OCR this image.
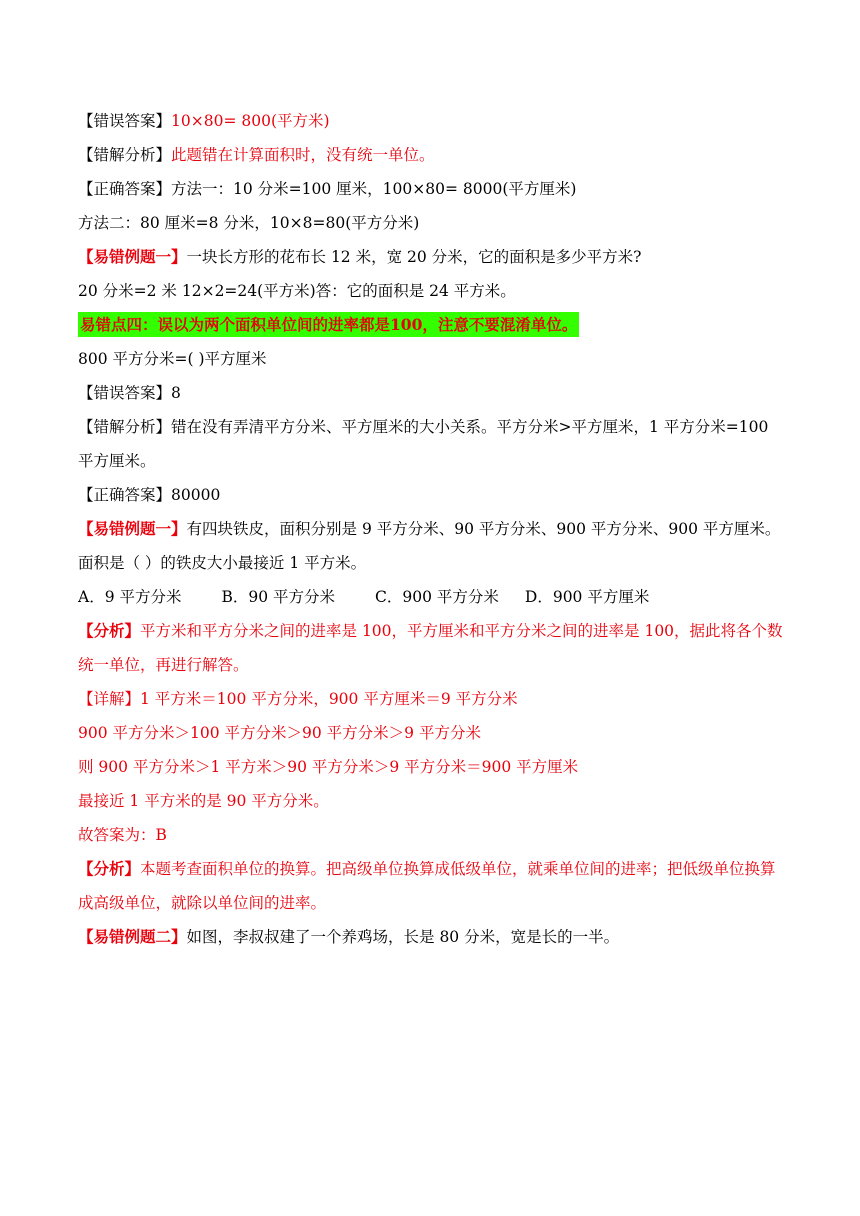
【错误答案】10×80= 800(平方米)
【错解分析】此题错在计算面积时，没有统一单位。
【正确答案】方法一：10 分米=100 厘米，100×80= 8000(平方厘米)
方法二：80 厘米=8 分米，10×8=80(平方分米)
【易错例题一】一块长方形的花布长 12 米，宽 20 分米，它的面积是多少平方米?
20 分米=2 米 12×2=24(平方米)答：它的面积是 24 平方米。
易错点四：误以为两个面积单位间的进率都是100，注意不要混淆单位。
800 平方分米=( )平方厘米
【错误答案】8
【错解分析】错在没有弄清平方分米、平方厘米的大小关系。平方分米>平方厘米，1 平方分米=100 平方厘米。
【正确答案】80000
【易错例题一】有四块铁皮，面积分别是 9 平方分米、90 平方分米、900 平方分米、900 平方厘米。面积是（ ）的铁皮大小最接近 1 平方米。
A．9 平方分米	B．90 平方分米	C．900 平方分米 D．900 平方厘米
【分析】平方米和平方分米之间的进率是 100，平方厘米和平方分米之间的进率是 100，据此将各个数统一单位，再进行解答。
【详解】1 平方米＝100 平方分米，900 平方厘米＝9 平方分米
900 平方分米＞100 平方分米＞90 平方分米＞9 平方分米
则 900 平方分米＞1 平方米＞90 平方分米＞9 平方分米＝900 平方厘米
最接近 1 平方米的是 90 平方分米。
故答案为：B
【分析】本题考查面积单位的换算。把高级单位换算成低级单位，就乘单位间的进率；把低级单位换算成高级单位，就除以单位间的进率。
【易错例题二】如图，李叔叔建了一个养鸡场，长是 80 分米，宽是长的一半。
